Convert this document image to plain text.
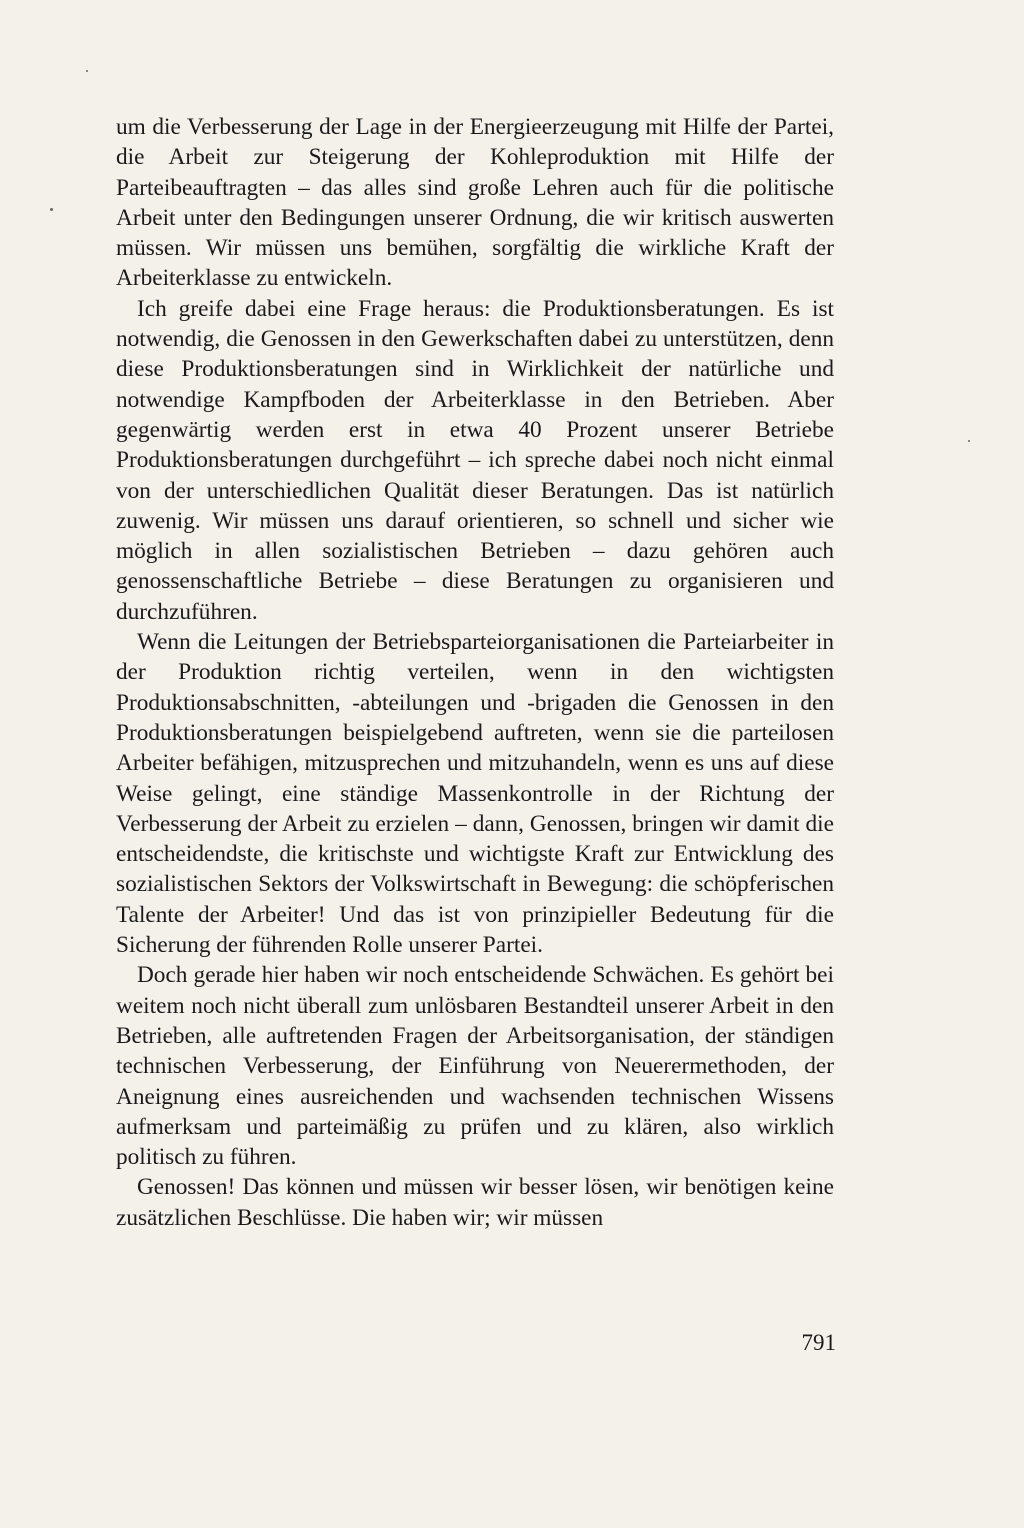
um die Verbesserung der Lage in der Energieerzeugung mit Hilfe der Partei, die Arbeit zur Steigerung der Kohleproduktion mit Hilfe der Parteibeauftragten – das alles sind große Lehren auch für die politische Arbeit unter den Bedingungen unserer Ordnung, die wir kritisch auswerten müssen. Wir müssen uns bemühen, sorgfältig die wirkliche Kraft der Arbeiterklasse zu entwickeln.

Ich greife dabei eine Frage heraus: die Produktionsberatungen. Es ist notwendig, die Genossen in den Gewerkschaften dabei zu unterstützen, denn diese Produktionsberatungen sind in Wirklichkeit der natürliche und notwendige Kampfboden der Arbeiterklasse in den Betrieben. Aber gegenwärtig werden erst in etwa 40 Prozent unserer Betriebe Produktionsberatungen durchgeführt – ich spreche dabei noch nicht einmal von der unterschiedlichen Qualität dieser Beratungen. Das ist natürlich zuwenig. Wir müssen uns darauf orientieren, so schnell und sicher wie möglich in allen sozialistischen Betrieben – dazu gehören auch genossenschaftliche Betriebe – diese Beratungen zu organisieren und durchzuführen.

Wenn die Leitungen der Betriebsparteiorganisationen die Parteiarbeiter in der Produktion richtig verteilen, wenn in den wichtigsten Produktionsabschnitten, -abteilungen und -brigaden die Genossen in den Produktionsberatungen beispielgebend auftreten, wenn sie die parteilosen Arbeiter befähigen, mitzusprechen und mitzuhandeln, wenn es uns auf diese Weise gelingt, eine ständige Massenkontrolle in der Richtung der Verbesserung der Arbeit zu erzielen – dann, Genossen, bringen wir damit die entscheidendste, die kritischste und wichtigste Kraft zur Entwicklung des sozialistischen Sektors der Volkswirtschaft in Bewegung: die schöpferischen Talente der Arbeiter! Und das ist von prinzipieller Bedeutung für die Sicherung der führenden Rolle unserer Partei.

Doch gerade hier haben wir noch entscheidende Schwächen. Es gehört bei weitem noch nicht überall zum unlösbaren Bestandteil unserer Arbeit in den Betrieben, alle auftretenden Fragen der Arbeitsorganisation, der ständigen technischen Verbesserung, der Einführung von Neuerermethoden, der Aneignung eines ausreichenden und wachsenden technischen Wissens aufmerksam und parteimäßig zu prüfen und zu klären, also wirklich politisch zu führen.

Genossen! Das können und müssen wir besser lösen, wir benötigen keine zusätzlichen Beschlüsse. Die haben wir; wir müssen

791
